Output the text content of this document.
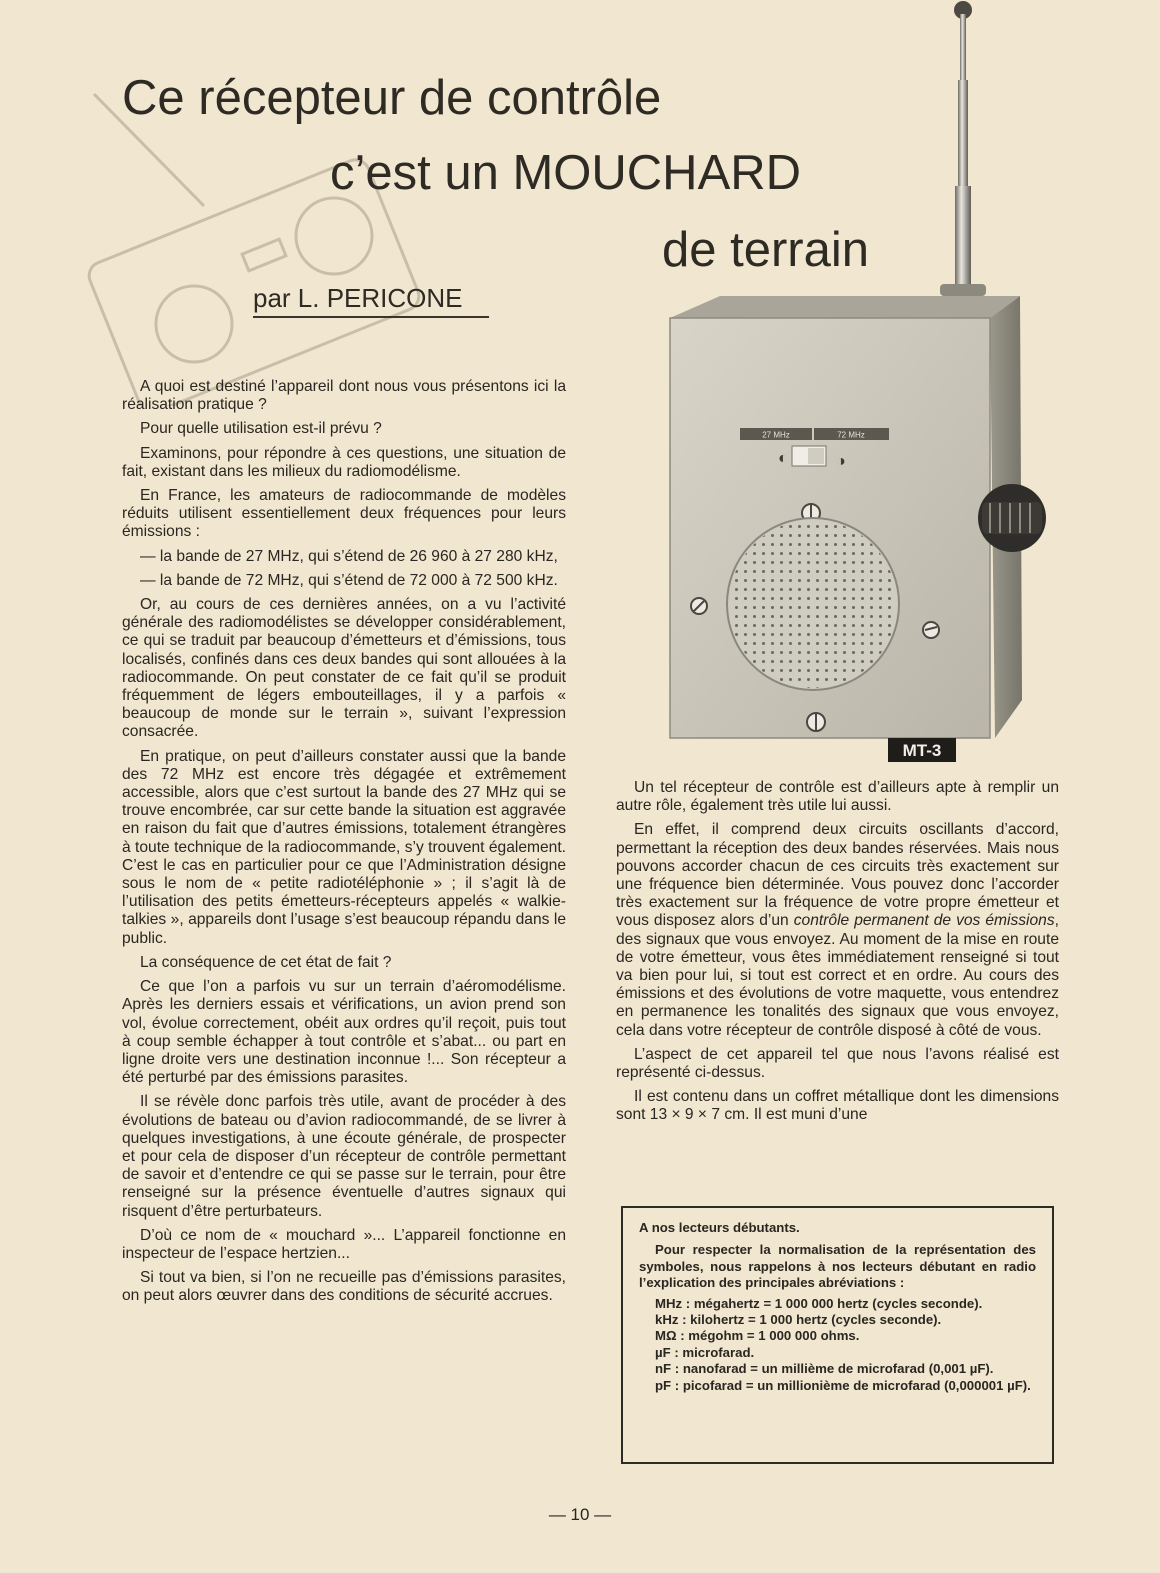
Ce récepteur de contrôle
c’est un MOUCHARD
de terrain
par L. PERICONE
27 MHz	72 MHz
◐	◑
MT-3

A quoi est destiné l’appareil dont nous vous présentons ici la réalisation pratique ?

Pour quelle utilisation est-il prévu ?

Examinons, pour répondre à ces questions, une situation de fait, existant dans les milieux du radiomodélisme.

En France, les amateurs de radiocommande de modèles réduits utilisent essentiellement deux fréquences pour leurs émissions :

— la bande de 27 MHz, qui s’étend de 26 960 à 27 280 kHz,

— la bande de 72 MHz, qui s’étend de 72 000 à 72 500 kHz.

Or, au cours de ces dernières années, on a vu l’activité générale des radiomodélistes se développer considérablement, ce qui se traduit par beaucoup d’émetteurs et d’émissions, tous localisés, confinés dans ces deux bandes qui sont allouées à la radiocommande. On peut constater de ce fait qu’il se produit fréquemment de légers embouteillages, il y a parfois « beaucoup de monde sur le terrain », suivant l’expression consacrée.

En pratique, on peut d’ailleurs constater aussi que la bande des 72 MHz est encore très dégagée et extrêmement accessible, alors que c’est surtout la bande des 27 MHz qui se trouve encombrée, car sur cette bande la situation est aggravée en raison du fait que d’autres émissions, totalement étrangères à toute technique de la radiocommande, s’y trouvent également. C’est le cas en particulier pour ce que l’Administration désigne sous le nom de « petite radiotéléphonie » ; il s’agit là de l’utilisation des petits émetteurs-récepteurs appelés « walkie-talkies », appareils dont l’usage s’est beaucoup répandu dans le public.

La conséquence de cet état de fait ?

Ce que l’on a parfois vu sur un terrain d’aéromodélisme. Après les derniers essais et vérifications, un avion prend son vol, évolue correctement, obéit aux ordres qu’il reçoit, puis tout à coup semble échapper à tout contrôle et s’abat... ou part en ligne droite vers une destination inconnue !... Son récepteur a été perturbé par des émissions parasites.

Il se révèle donc parfois très utile, avant de procéder à des évolutions de bateau ou d’avion radiocommandé, de se livrer à quelques investigations, à une écoute générale, de prospecter et pour cela de disposer d’un récepteur de contrôle permettant de savoir et d’entendre ce qui se passe sur le terrain, pour être renseigné sur la présence éventuelle d’autres signaux qui risquent d’être perturbateurs.

D’où ce nom de « mouchard »... L’appareil fonctionne en inspecteur de l’espace hertzien...

Si tout va bien, si l’on ne recueille pas d’émissions parasites, on peut alors œuvrer dans des conditions de sécurité accrues.

Un tel récepteur de contrôle est d’ailleurs apte à remplir un autre rôle, également très utile lui aussi.

En effet, il comprend deux circuits oscillants d’accord, permettant la réception des deux bandes réservées. Mais nous pouvons accorder chacun de ces circuits très exactement sur une fréquence bien déterminée. Vous pouvez donc l’accorder très exactement sur la fréquence de votre propre émetteur et vous disposez alors d’un contrôle permanent de vos émissions, des signaux que vous envoyez. Au moment de la mise en route de votre émetteur, vous êtes immédiatement renseigné si tout va bien pour lui, si tout est correct et en ordre. Au cours des émissions et des évolutions de votre maquette, vous entendrez en permanence les tonalités des signaux que vous envoyez, cela dans votre récepteur de contrôle disposé à côté de vous.

L’aspect de cet appareil tel que nous l’avons réalisé est représenté ci-dessus.

Il est contenu dans un coffret métallique dont les dimensions sont 13 × 9 × 7 cm. Il est muni d’une

A nos lecteurs débutants.

Pour respecter la normalisation de la représentation des symboles, nous rappelons à nos lecteurs débutant en radio l’explication des principales abréviations :

MHz : mégahertz = 1 000 000 hertz (cycles seconde).

kHz : kilohertz = 1 000 hertz (cycles seconde).

MΩ : mégohm = 1 000 000 ohms.

µF : microfarad.

nF : nanofarad = un millième de microfarad (0,001 µF).

pF : picofarad = un millionième de microfarad (0,000001 µF).

— 10 —
